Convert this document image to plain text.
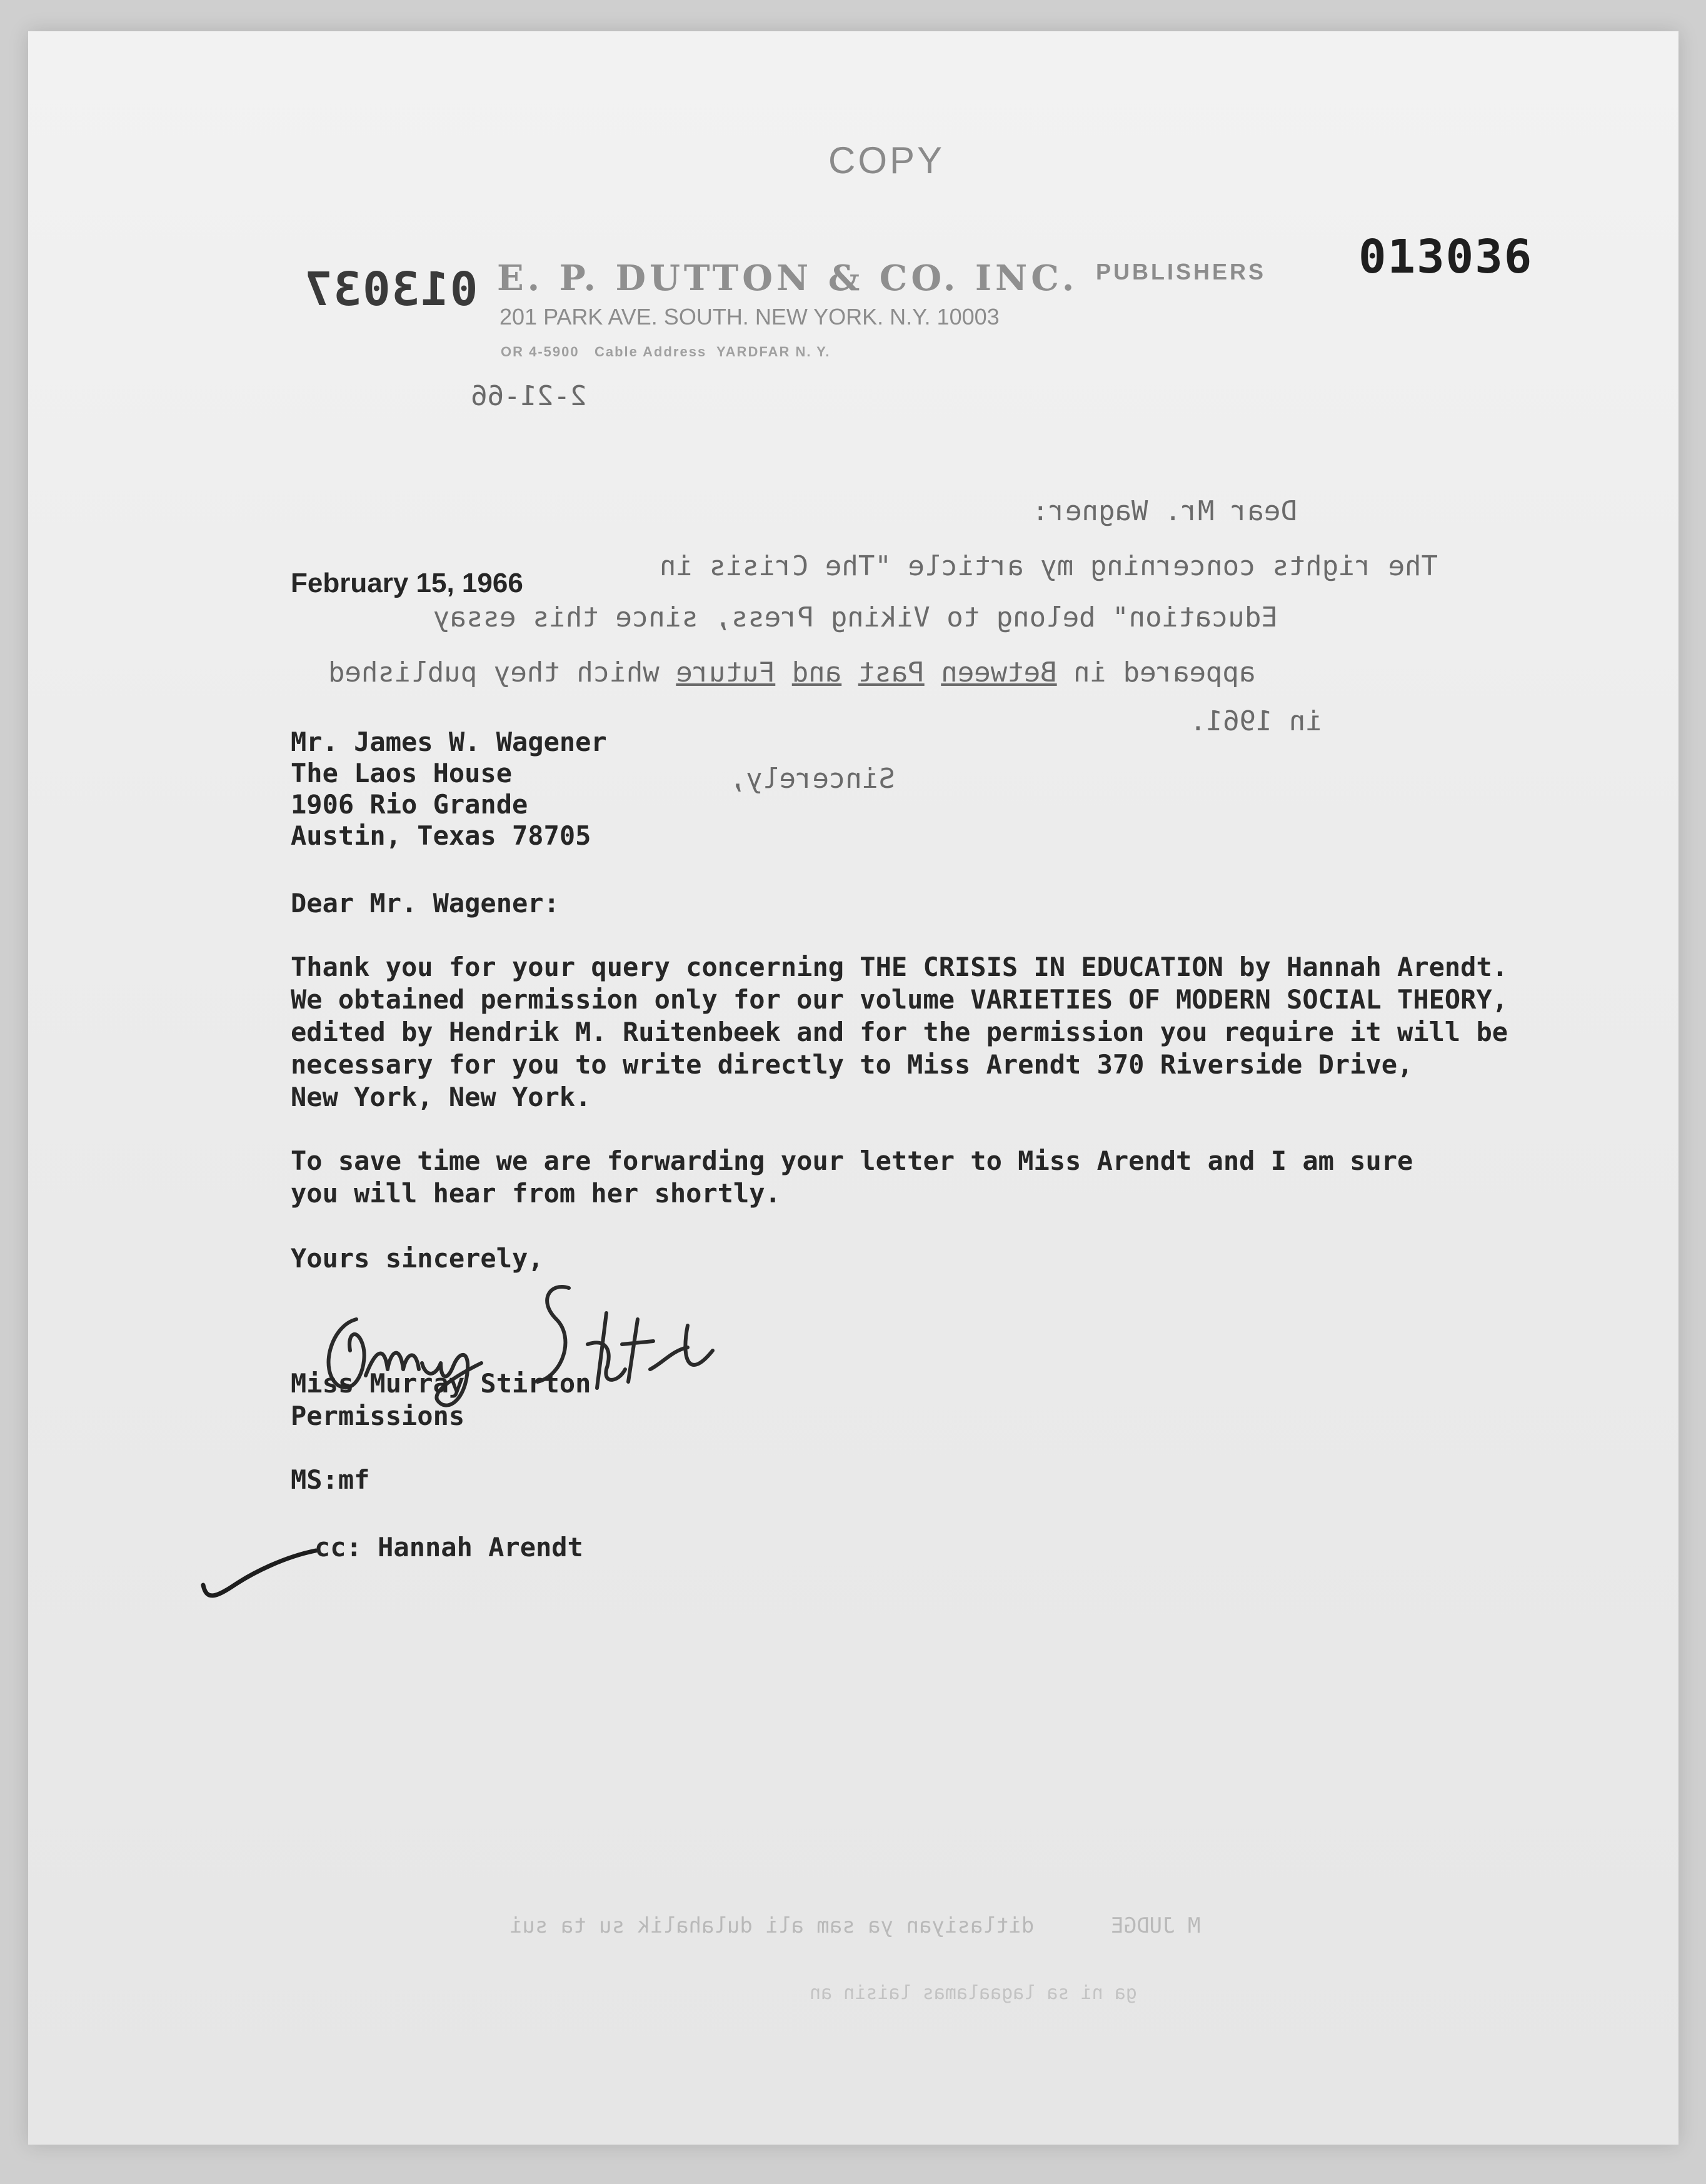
COPY
013037
013036
E. P. DUTTON & CO. INC. PUBLISHERS
201 PARK AVE. SOUTH. NEW YORK. N.Y. 10003
OR 4-5900   Cable Address  YARDFAR N. Y.
2-21-66
Dear Mr. Wagner:
The rights concerning my article "The Crisis in
Education" belong to Viking Press, since this essay
appeared in Between Past and Future which they published
in 1961.
Sincerely,
February 15, 1966
Mr. James W. Wagener
The Laos House
1906 Rio Grande
Austin, Texas 78705
Dear Mr. Wagener:
Thank you for your query concerning THE CRISIS IN EDUCATION by Hannah Arendt.
We obtained permission only for our volume VARIETIES OF MODERN SOCIAL THEORY,
edited by Hendrik M. Ruitenbeek and for the permission you require it will be
necessary for you to write directly to Miss Arendt 370 Riverside Drive,
New York, New York.
To save time we are forwarding your letter to Miss Arendt and I am sure
you will hear from her shortly.
Yours sincerely,
Miss Murray Stirton
Permissions
MS:mf
cc: Hannah Arendt
M JUDGE      ditlasiyan ya sam ali dulahalik su ta sui
ga ni sa lagaalamas laisin an
